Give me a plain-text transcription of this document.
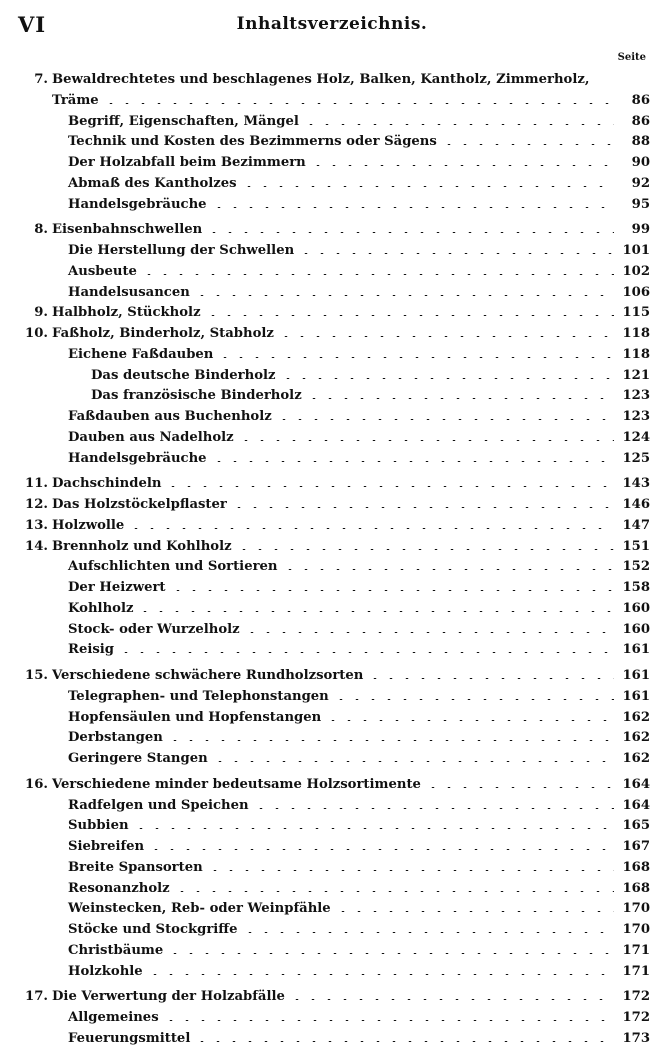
VI	Inhaltsverzeichnis.
Seite
7. Bewaldrechtetes und beschlagenes Holz, Balken, Kantholz, Zimmerholz,
Träme	86
Begriff, Eigenschaften, Mängel	86
Technik und Kosten des Bezimmerns oder Sägens	88
Der Holzabfall beim Bezimmern	90
Abmaß des Kantholzes	92
Handelsgebräuche	95
8. Eisenbahnschwellen	99
Die Herstellung der Schwellen	101
Ausbeute	102
Handelsusancen	106
9. Halbholz, Stückholz	115
10. Faßholz, Binderholz, Stabholz	118
Eichene Faßdauben	118
Das deutsche Binderholz	121
Das französische Binderholz	123
Faßdauben aus Buchenholz	123
Dauben aus Nadelholz	124
Handelsgebräuche	125
11. Dachschindeln	143
12. Das Holzstöckelpflaster	146
13. Holzwolle	147
14. Brennholz und Kohlholz	151
Aufschlichten und Sortieren	152
Der Heizwert	158
Kohlholz	160
Stock- oder Wurzelholz	160
Reisig	161
15. Verschiedene schwächere Rundholzsorten	161
Telegraphen- und Telephonstangen	161
Hopfensäulen und Hopfenstangen	162
Derbstangen	162
Geringere Stangen	162
16. Verschiedene minder bedeutsame Holzsortimente	164
Radfelgen und Speichen	164
Subbien	165
Siebreifen	167
Breite Spansorten	168
Resonanzholz	168
Weinstecken, Reb- oder Weinpfähle	170
Stöcke und Stockgriffe	170
Christbäume	171
Holzkohle	171
17. Die Verwertung der Holzabfälle	172
Allgemeines	172
Feuerungsmittel	173
